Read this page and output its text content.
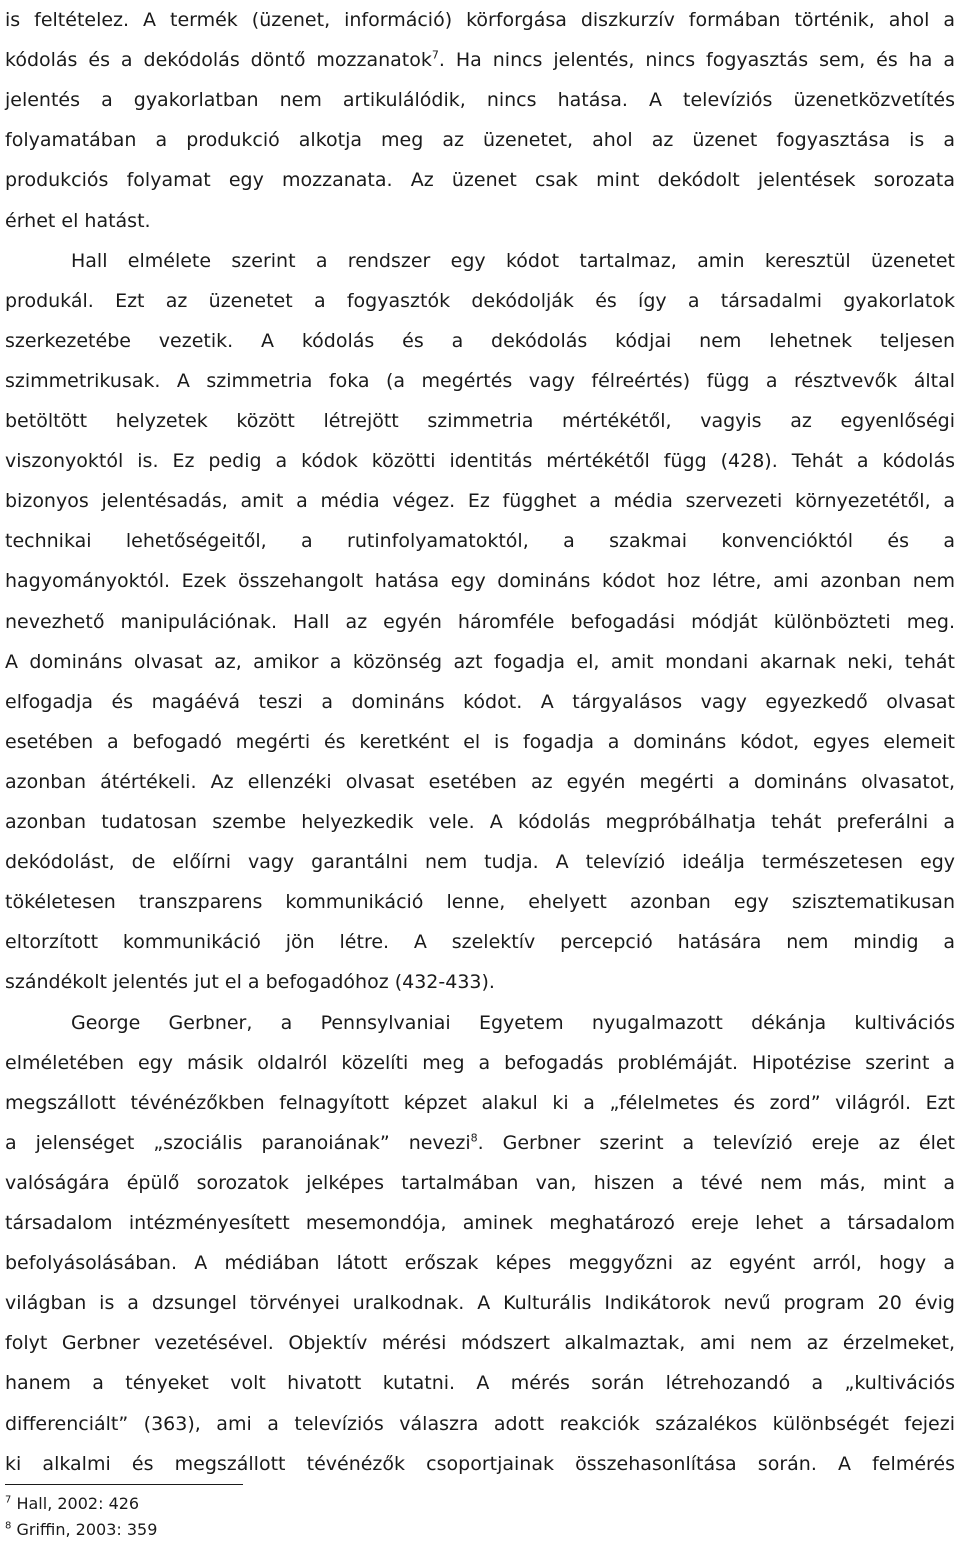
is feltételez. A termék (üzenet, információ) körforgása diszkurzív formában történik, ahol a
kódolás és a dekódolás döntő mozzanatok$^7$. Ha nincs jelentés, nincs fogyasztás sem, és ha a
jelentés a gyakorlatban nem artikulálódik, nincs hatása. A televíziós üzenetközvetítés
folyamatában a produkció alkotja meg az üzenetet, ahol az üzenet fogyasztása is a
produkciós folyamat egy mozzanata. Az üzenet csak mint dekódolt jelentések sorozata
érhet el hatást.
Hall elmélete szerint a rendszer egy kódot tartalmaz, amin keresztül üzenetet
produkál. Ezt az üzenetet a fogyasztók dekódolják és így a társadalmi gyakorlatok
szerkezetébe vezetik. A kódolás és a dekódolás kódjai nem lehetnek teljesen
szimmetrikusak. A szimmetria foka (a megértés vagy félreértés) függ a résztvevők által
betöltött helyzetek között létrejött szimmetria mértékétől, vagyis az egyenlőségi
viszonyoktól is. Ez pedig a kódok közötti identitás mértékétől függ (428). Tehát a kódolás
bizonyos jelentésadás, amit a média végez. Ez függhet a média szervezeti környezetétől, a
technikai lehetőségeitől, a rutinfolyamatoktól, a szakmai konvencióktól és a
hagyományoktól. Ezek összehangolt hatása egy domináns kódot hoz létre, ami azonban nem
nevezhető manipulációnak. Hall az egyén háromféle befogadási módját különbözteti meg.
A domináns olvasat az, amikor a közönség azt fogadja el, amit mondani akarnak neki, tehát
elfogadja és magáévá teszi a domináns kódot. A tárgyalásos vagy egyezkedő olvasat
esetében a befogadó megérti és keretként el is fogadja a domináns kódot, egyes elemeit
azonban átértékeli. Az ellenzéki olvasat esetében az egyén megérti a domináns olvasatot,
azonban tudatosan szembe helyezkedik vele. A kódolás megpróbálhatja tehát preferálni a
dekódolást, de előírni vagy garantálni nem tudja. A televízió ideálja természetesen egy
tökéletesen transzparens kommunikáció lenne, ehelyett azonban egy szisztematikusan
eltorzított kommunikáció jön létre. A szelektív percepció hatására nem mindig a
szándékolt jelentés jut el a befogadóhoz (432-433).
George Gerbner, a Pennsylvaniai Egyetem nyugalmazott dékánja kultivációs
elméletében egy másik oldalról közelíti meg a befogadás problémáját. Hipotézise szerint a
megszállott tévénézőkben felnagyított képzet alakul ki a „félelmetes és zord” világról. Ezt
a jelenséget „szociális paranoiának” nevezi$^8$. Gerbner szerint a televízió ereje az élet
valóságára épülő sorozatok jelképes tartalmában van, hiszen a tévé nem más, mint a
társadalom intézményesített mesemondója, aminek meghatározó ereje lehet a társadalom
befolyásolásában. A médiában látott erőszak képes meggyőzni az egyént arról, hogy a
világban is a dzsungel törvényei uralkodnak. A Kulturális Indikátorok nevű program 20 évig
folyt Gerbner vezetésével. Objektív mérési módszert alkalmaztak, ami nem az érzelmeket,
hanem a tényeket volt hivatott kutatni. A mérés során létrehozandó a „kultivációs
differenciált” (363), ami a televíziós válaszra adott reakciók százalékos különbségét fejezi
ki alkalmi és megszállott tévénézők csoportjainak összehasonlítása során. A felmérés
$^7$ Hall, 2002: 426
$^8$ Griffin, 2003: 359
